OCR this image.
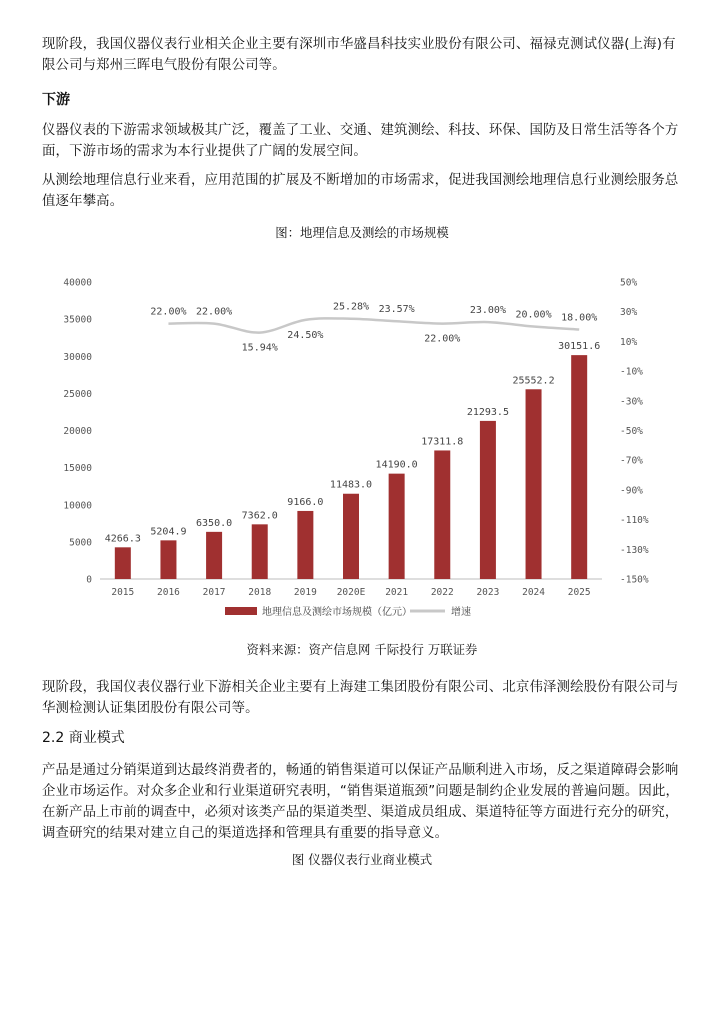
现阶段，我国仪器仪表行业相关企业主要有深圳市华盛昌科技实业股份有限公司、福禄克测试仪器(上海)有限公司与郑州三晖电气股份有限公司等。

下游

仪器仪表的下游需求领域极其广泛，覆盖了工业、交通、建筑测绘、科技、环保、国防及日常生活等各个方面，下游市场的需求为本行业提供了广阔的发展空间。

从测绘地理信息行业来看，应用范围的扩展及不断增加的市场需求，促进我国测绘地理信息行业测绘服务总值逐年攀高。

图：地理信息及测绘的市场规模

0
5000
10000
15000
20000
25000
30000
35000
40000
-150%
-130%
-110%
-90%
-70%
-50%
-30%
-10%
10%
30%
50%
2015 2016 2017 2018 2019 2020E 2021 2022 2023 2024 2025
4266.3
5204.9
6350.0
7362.0
9166.0
11483.0
14190.0
17311.8
21293.5
25552.2
30151.6
22.00% 22.00%
15.94%
24.50%
25.28% 23.57%
22.00%
23.00% 20.00% 18.00%
地理信息及测绘市场规模（亿元）	增速

资料来源：资产信息网 千际投行 万联证券

现阶段，我国仪表仪器行业下游相关企业主要有上海建工集团股份有限公司、北京伟泽测绘股份有限公司与华测检测认证集团股份有限公司等。

2.2 商业模式

产品是通过分销渠道到达最终消费者的，畅通的销售渠道可以保证产品顺利进入市场，反之渠道障碍会影响企业市场运作。对众多企业和行业渠道研究表明，“销售渠道瓶颈”问题是制约企业发展的普遍问题。因此，在新产品上市前的调查中，必须对该类产品的渠道类型、渠道成员组成、渠道特征等方面进行充分的研究，调查研究的结果对建立自己的渠道选择和管理具有重要的指导意义。

图 仪器仪表行业商业模式
